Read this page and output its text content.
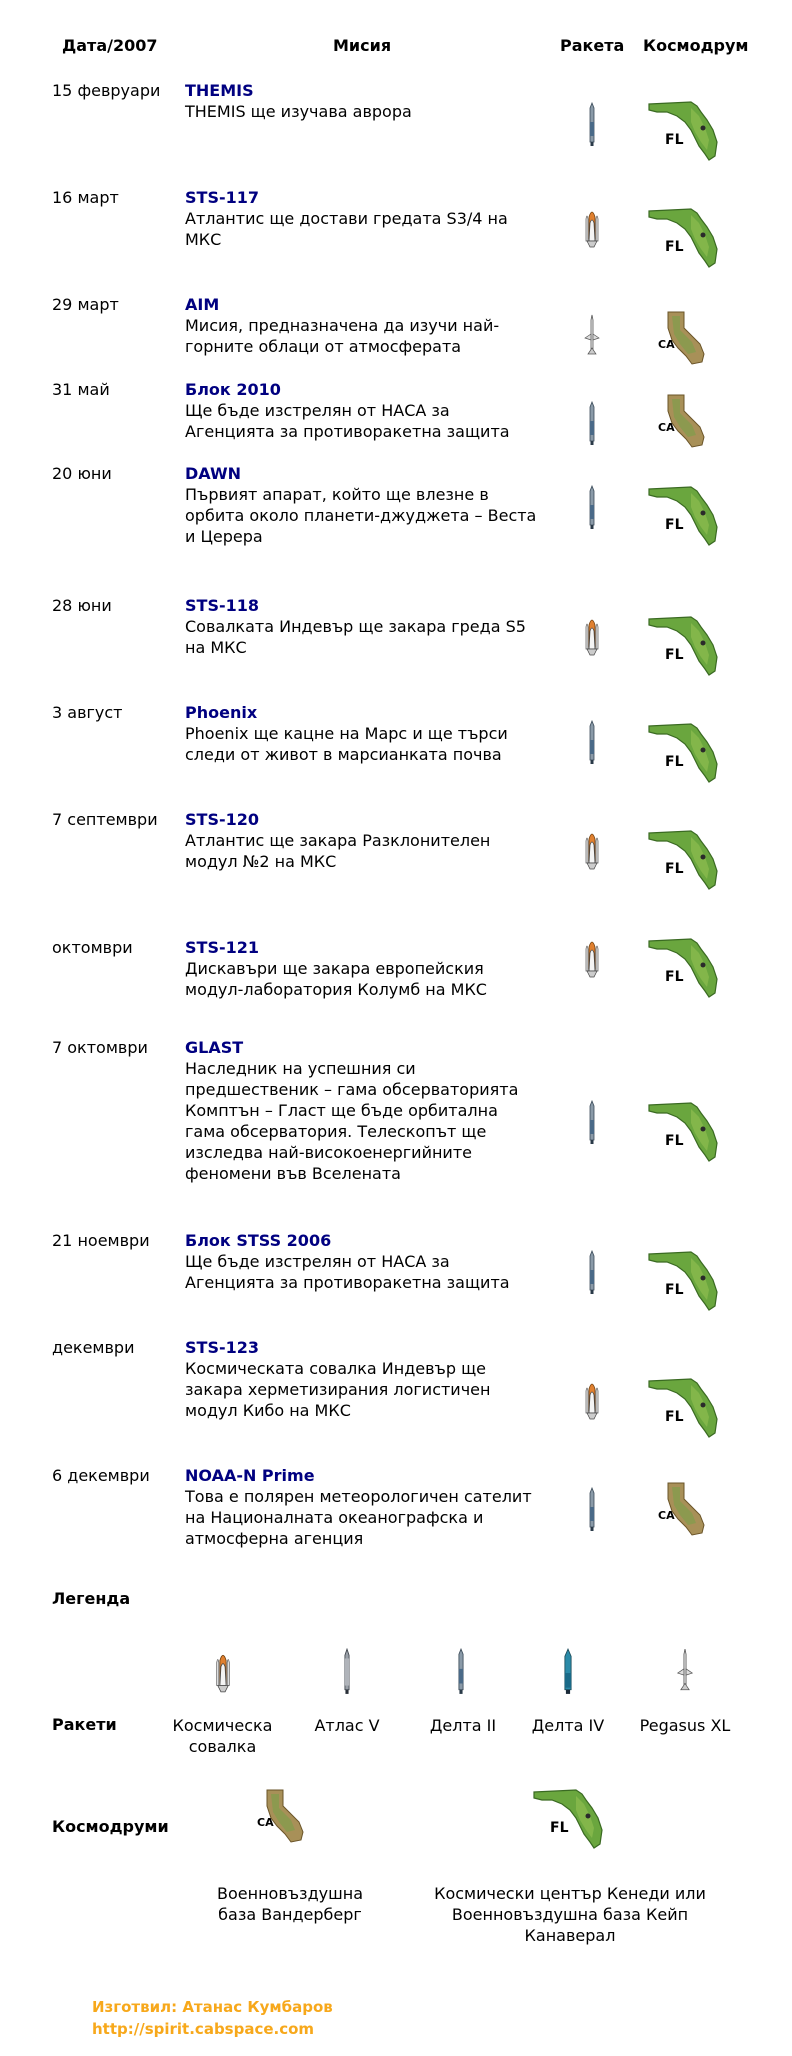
Дата/2007	Мисия	Ракета Космодрум
15 февруари THEMIS
THEMIS ще изучава аврора
16 март	STS-117
Атлантис ще достави гредата S3/4 на МКС
29 март	AIM
Мисия, предназначена да изучи най-горните облаци от атмосферата
31 май	Блок 2010
Ще бъде изстрелян от НАСА за Агенцията за противоракетна защита
20 юни	DAWN
Първият апарат, който ще влезне в орбита около планети-джуджета – Веста и Церера
28 юни	STS-118
Совалката Индевър ще закара греда S5 на МКС
3 август	Phoenix
Phoenix ще кацне на Марс и ще търси следи от живот в марсианката почва
7 септември STS-120
Атлантис ще закара Разклонителен модул №2 на МКС
октомври	STS-121
Дискавъри ще закара европейския модул-лаборатория Колумб на МКС
7 октомври GLAST
Наследник на успешния си предшественик – гама обсерваторията Комптън – Гласт ще бъде орбитална гама обсерватория. Телескопът ще изследва най-високоенергийните феномени във Вселената
21 ноември Блок STSS 2006
Ще бъде изстрелян от НАСА за Агенцията за противоракетна защита
декември	STS-123
Космическата совалка Индевър ще закара херметизирания логистичен модул Кибо на МКС
6 декември NOAA-N Prime
Това е полярен метеорологичен сателит на Националната океанографска и атмосферна агенция
Легенда
Ракети	Космическа совалка
Атлас V	Делта II	Делта IV	Pegasus XL
Космодруми
Военновъздушна база Вандерберг
Космически център Кенеди или Военновъздушна база Кейп Канаверал
Изготвил: Атанас Кумбаров
http://spirit.cabspace.com
